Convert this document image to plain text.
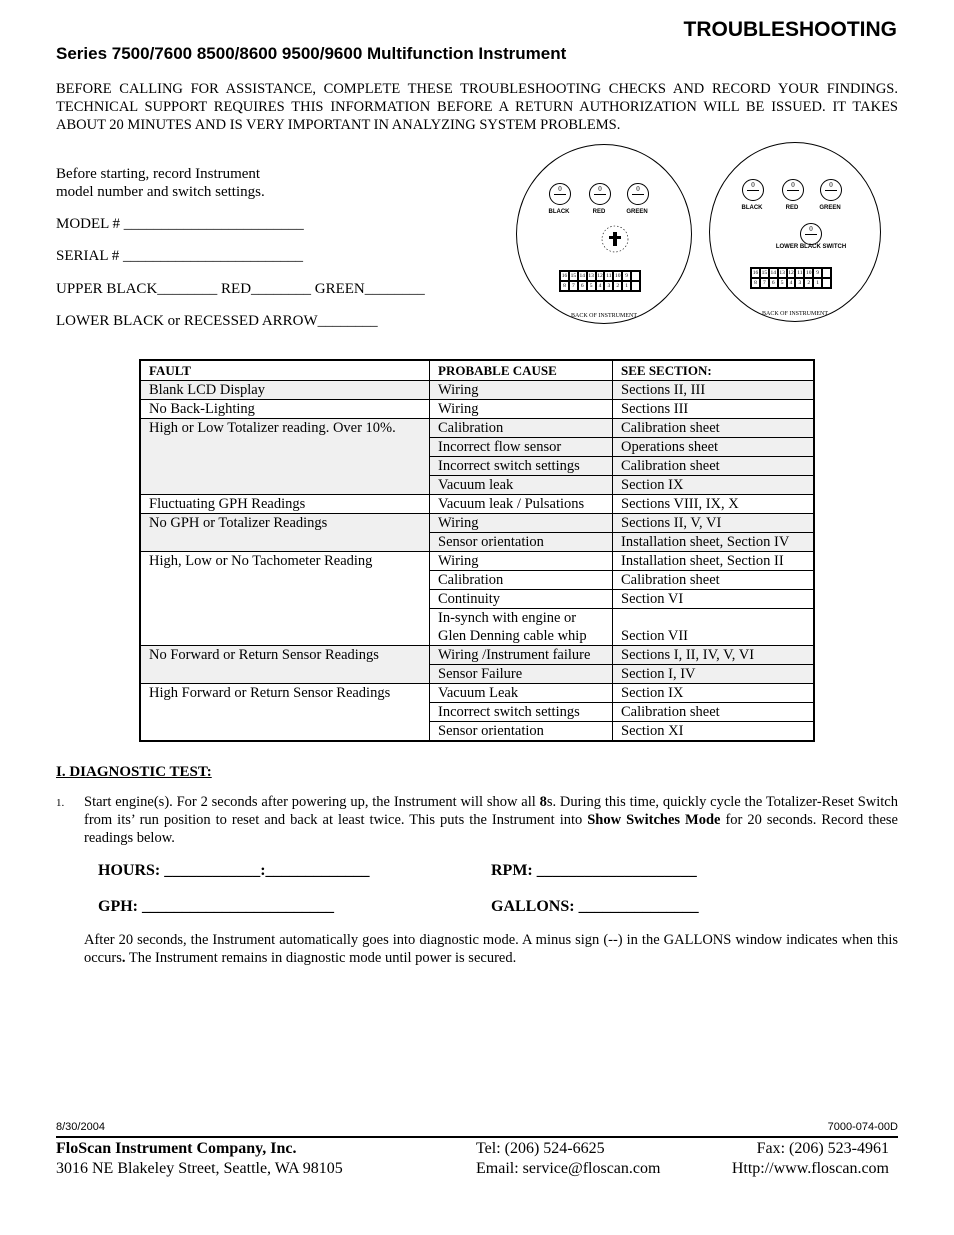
TROUBLESHOOTING
Series 7500/7600 8500/8600 9500/9600 Multifunction Instrument
BEFORE CALLING FOR ASSISTANCE, COMPLETE THESE TROUBLESHOOTING CHECKS AND RECORD YOUR FINDINGS. TECHNICAL SUPPORT REQUIRES THIS INFORMATION BEFORE A RETURN AUTHORIZATION WILL BE ISSUED. IT TAKES ABOUT 20 MINUTES AND IS VERY IMPORTANT IN ANALYZING SYSTEM PROBLEMS.
Before starting, record Instrument
model number and switch settings.
MODEL # ________________________
SERIAL # ________________________
UPPER BLACK________ RED________ GREEN________
LOWER BLACK or RECESSED ARROW________
0	0	0
BLACK	RED	GREEN
16 15 14 13 12 11 10 9
8	7	6	5	4	3	2	1
BACK OF INSTRUMENT
0	0	0
BLACK	RED	GREEN
0
LOWER BLACK SWITCH
16 15 14 13 12 11 10 9
8	7	6	5	4	3	2	1
BACK OF INSTRUMENT
FAULT	PROBABLE CAUSE	SEE SECTION:
Blank LCD Display	Wiring	Sections II, III
No Back-Lighting	Wiring	Sections III
High or Low Totalizer reading. Over 10%.	Calibration	Calibration sheet
	Incorrect flow sensor	Operations sheet
	Incorrect switch settings	Calibration sheet
	Vacuum leak	Section IX
Fluctuating GPH Readings	Vacuum leak / Pulsations	Sections VIII, IX, X
No GPH or Totalizer Readings	Wiring	Sections II, V, VI
	Sensor orientation	Installation sheet, Section IV
High, Low or No Tachometer Reading	Wiring	Installation sheet, Section II
	Calibration	Calibration sheet
	Continuity	Section VI
	In-synch with engine or Glen Denning cable whip	Section VII
No Forward or Return Sensor Readings	Wiring /Instrument failure	Sections I, II, IV, V, VI
	Sensor Failure	Section I, IV
High Forward or Return Sensor Readings	Vacuum Leak	Section IX
	Incorrect switch settings	Calibration sheet
	Sensor orientation	Section XI
I. DIAGNOSTIC TEST:
1. Start engine(s). For 2 seconds after powering up, the Instrument will show all 8s. During this time, quickly cycle the Totalizer-Reset Switch from its’ run position to reset and back at least twice. This puts the Instrument into Show Switches Mode for 20 seconds. Record these readings below.
HOURS: ____________:_____________	RPM: ____________________
GPH: ________________________	GALLONS: _______________
After 20 seconds, the Instrument automatically goes into diagnostic mode. A minus sign (--) in the GALLONS window indicates when this occurs. The Instrument remains in diagnostic mode until power is secured.
8/30/2004	7000-074-00D
FloScan Instrument Company, Inc.
3016 NE Blakeley Street, Seattle, WA 98105
Tel: (206) 524-6625
Email: service@floscan.com
Fax: (206) 523-4961
Http://www.floscan.com
